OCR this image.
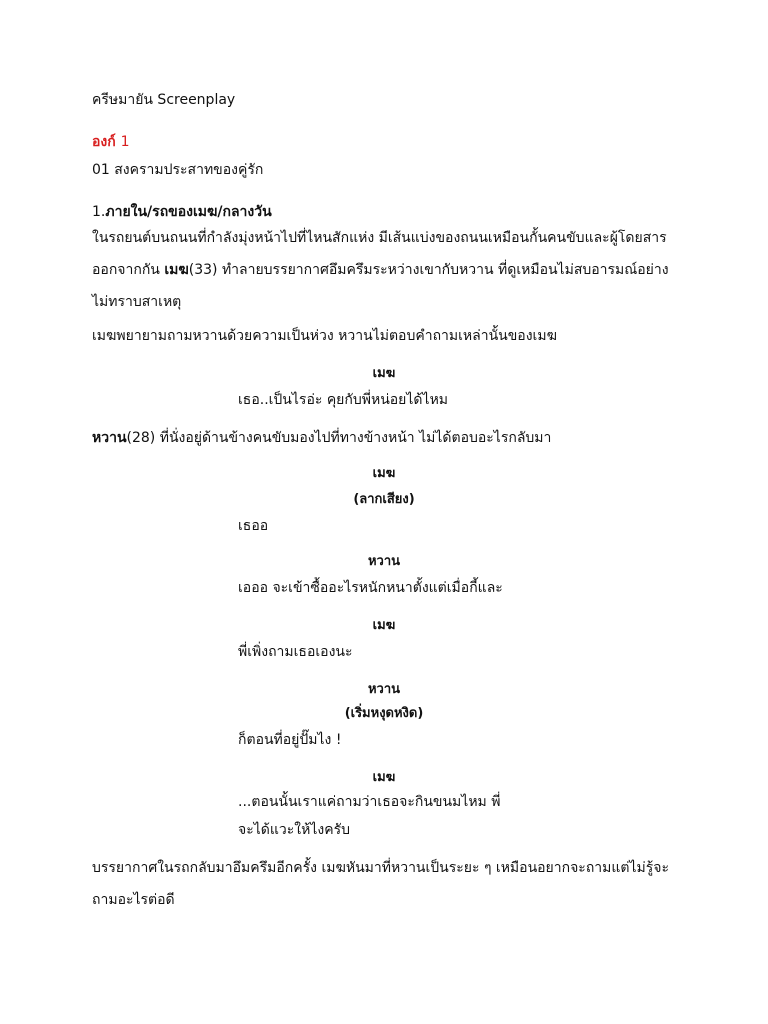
ครีษมายัน Screenplay
องก์ 1
01 สงครามประสาทของคู่รัก
1.ภายใน/รถของเมฆ/กลางวัน
ในรถยนต์บนถนนที่กำลังมุ่งหน้าไปที่ไหนสักแห่ง มีเส้นแบ่งของถนนเหมือนกั้นคนขับและผู้โดยสารออกจากกัน เมฆ(33) ทำลายบรรยากาศอึมครึมระหว่างเขากับหวาน ที่ดูเหมือนไม่สบอารมณ์อย่างไม่ทราบสาเหตุ
เมฆพยายามถามหวานด้วยความเป็นห่วง หวานไม่ตอบคำถามเหล่านั้นของเมฆ
เมฆ
เธอ..เป็นไรอ่ะ คุยกับพี่หน่อยได้ไหม
หวาน(28) ที่นั่งอยู่ด้านข้างคนขับมองไปที่ทางข้างหน้า ไม่ได้ตอบอะไรกลับมา
เมฆ
(ลากเสียง)
เธออ
หวาน
เอออ จะเข้าซื้ออะไรหนักหนาตั้งแต่เมื่อกี้และ
เมฆ
พี่เพิ่งถามเธอเองนะ
หวาน
(เริ่มหงุดหงิด)
ก็ตอนที่อยู่ปั๊มไง !
เมฆ
...ตอนนั้นเราแค่ถามว่าเธอจะกินขนมไหม พี่
จะได้แวะให้ไงครับ
บรรยากาศในรถกลับมาอึมครึมอีกครั้ง เมฆหันมาที่หวานเป็นระยะ ๆ เหมือนอยากจะถามแต่ไม่รู้จะถามอะไรต่อดี
